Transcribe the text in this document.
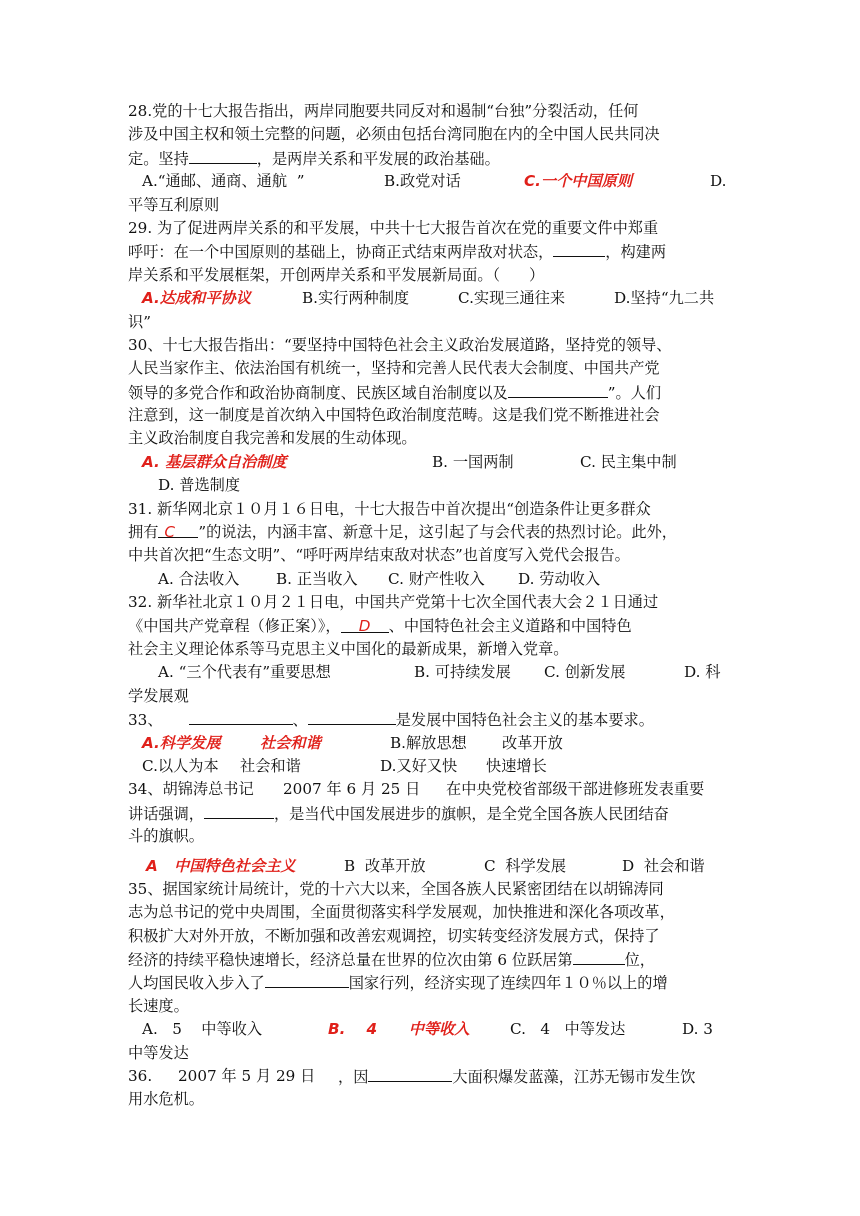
28.党的十七大报告指出，两岸同胞要共同反对和遏制“台独”分裂活动，任何
涉及中国主权和领土完整的问题，必须由包括台湾同胞在内的全中国人民共同决
定。坚持	，是两岸关系和平发展的政治基础。
A.“通邮、通商、通航  ”	B.政党对话	C.一个中国原则	D.
平等互利原则
29. 为了促进两岸关系的和平发展，中共十七大报告首次在党的重要文件中郑重
呼吁：在一个中国原则的基础上，协商正式结束两岸敌对状态，	，构建两
岸关系和平发展框架，开创两岸关系和平发展新局面。（      ）
A.达成和平协议	B.实行两种制度	C.实现三通往来	D.坚持“九二共
识”
30、十七大报告指出：“要坚持中国特色社会主义政治发展道路，坚持党的领导、
人民当家作主、依法治国有机统一，坚持和完善人民代表大会制度、中国共产党
领导的多党合作和政治协商制度、民族区域自治制度以及	”。人们
注意到，这一制度是首次纳入中国特色政治制度范畴。这是我们党不断推进社会
主义政治制度自我完善和发展的生动体现。
A. 基层群众自治制度	B. 一国两制	C. 民主集中制
D. 普选制度
31. 新华网北京１０月１６日电，十七大报告中首次提出“创造条件让更多群众
拥有 C ”的说法，内涵丰富、新意十足，这引起了与会代表的热烈讨论。此外，
中共首次把“生态文明”、“呼吁两岸结束敌对状态”也首度写入党代会报告。
A. 合法收入 B. 正当收入 C. 财产性收入 D. 劳动收入
32. 新华社北京１０月２１日电，中国共产党第十七次全国代表大会２１日通过
《中国共产党章程（修正案）》， D 、中国特色社会主义道路和中国特色
社会主义理论体系等马克思主义中国化的最新成果，新增入党章。
A. “三个代表有”重要思想	B. 可持续发展 C. 创新发展	D. 科
学发展观
33、	、	是发展中国特色社会主义的基本要求。
A.科学发展	社会和谐	B.解放思想 改革开放
C.以人为本 社会和谐	D.又好又快 快速增长
34、胡锦涛总书记 2007 年 6 月 25 日 在中央党校省部级干部进修班发表重要
讲话强调，	，是当代中国发展进步的旗帜，是全党全国各族人民团结奋
斗的旗帜。
A 中国特色社会主义	B  改革开放	C  科学发展	D  社会和谐
35、据国家统计局统计，党的十六大以来，全国各族人民紧密团结在以胡锦涛同
志为总书记的党中央周围，全面贯彻落实科学发展观，加快推进和深化各项改革，
积极扩大对外开放，不断加强和改善宏观调控，切实转变经济发展方式，保持了
经济的持续平稳快速增长，经济总量在世界的位次由第 6 位跃居第	位，
人均国民收入步入了	国家行列，经济实现了连续四年１０％以上的增
长速度。
A.   5    中等收入	B.    4      中等收入	C.   4   中等发达	D. 3
中等发达
36. 2007 年 5 月 29 日 ，因	大面积爆发蓝藻，江苏无锡市发生饮
用水危机。
